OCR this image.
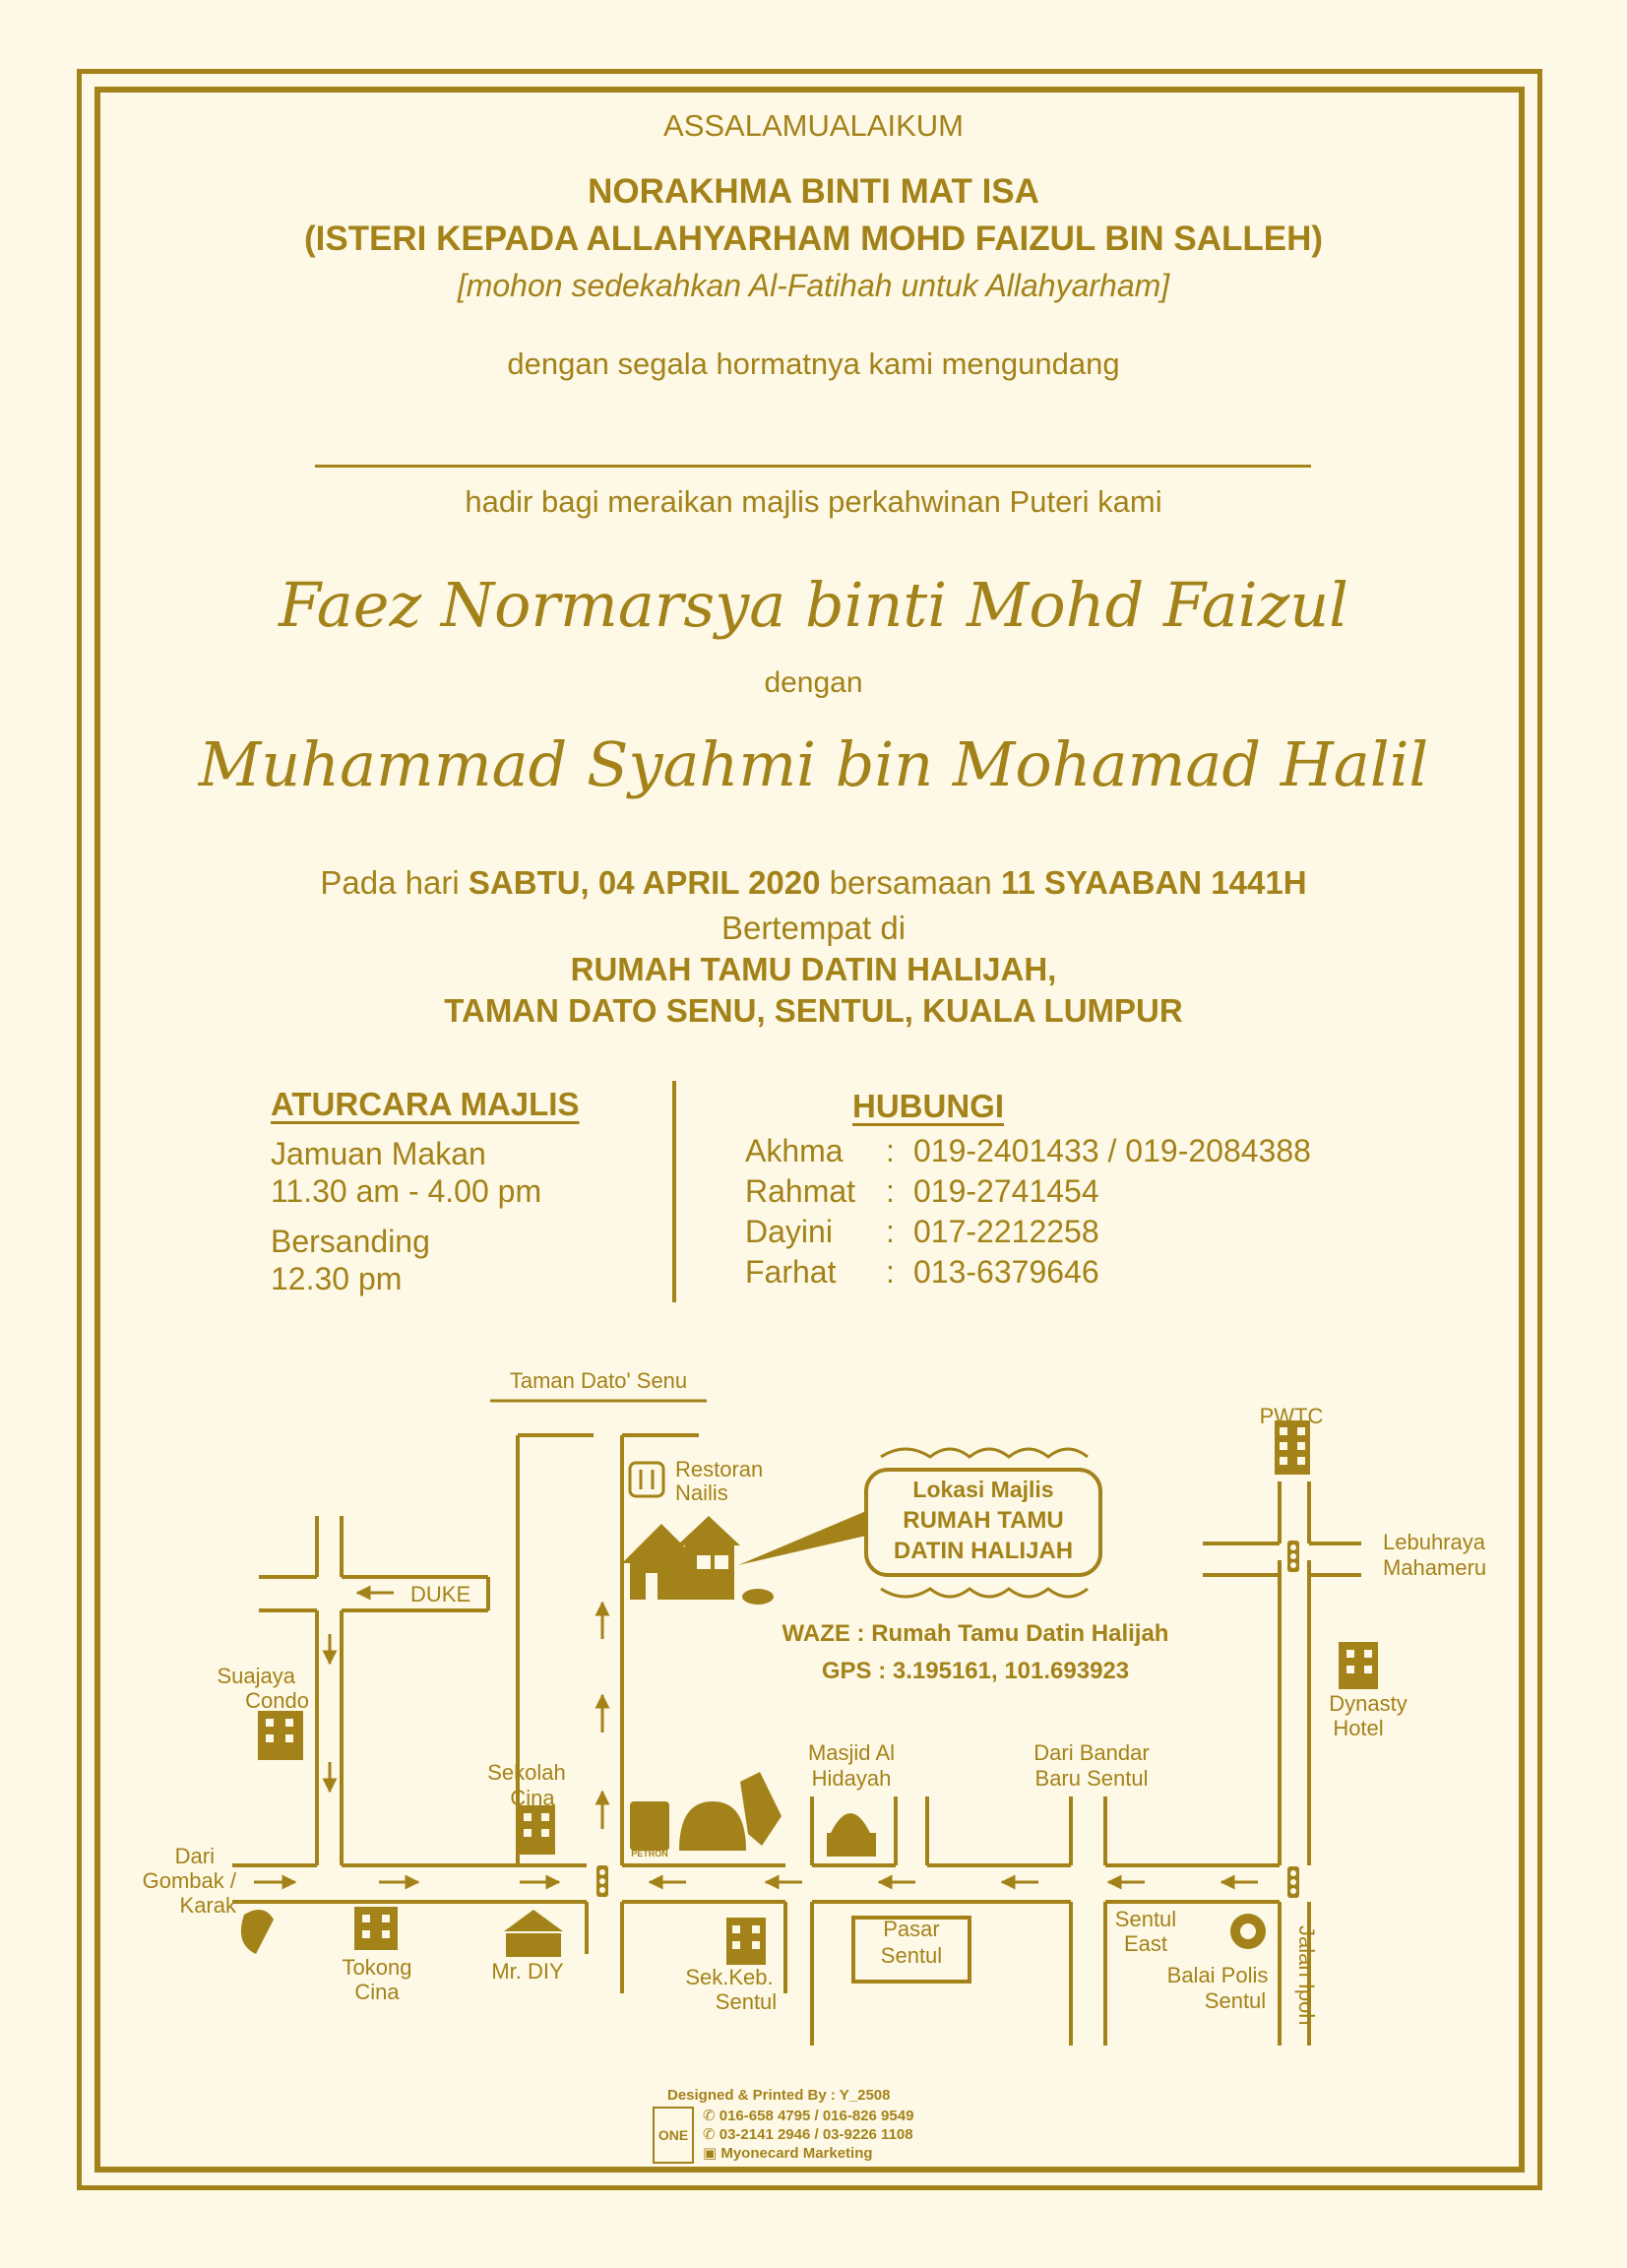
ASSALAMUALAIKUM
NORAKHMA BINTI MAT ISA
(ISTERI KEPADA ALLAHYARHAM MOHD FAIZUL BIN SALLEH)
[mohon sedekahkan Al-Fatihah untuk Allahyarham]
dengan segala hormatnya kami mengundang
hadir bagi meraikan majlis perkahwinan Puteri kami
Faez Normarsya binti Mohd Faizul
dengan
Muhammad Syahmi bin Mohamad Halil
Pada hari SABTU, 04 APRIL 2020 bersamaan 11 SYAABAN 1441H
Bertempat di
RUMAH TAMU DATIN HALIJAH,
TAMAN DATO SENU, SENTUL, KUALA LUMPUR
ATURCARA MAJLIS
Jamuan Makan
11.30 am - 4.00 pm
Bersanding
12.30 pm
HUBUNGI
Akhma : 019-2401433 / 019-2084388
Rahmat : 019-2741454
Dayini : 017-2212258
Farhat : 013-6379646
Taman Dato' Senu
Restoran
Nailis	Lokasi Majlis
RUMAH TAMU
DATIN HALIJAH
WAZE : Rumah Tamu Datin Halijah
GPS : 3.195161, 101.693923
PWTC
Lebuhraya
Mahameru
DUKE
Suajaya
Condo	Dynasty
Hotel
Sekolah
Cina
Masjid Al
Hidayah
Dari Bandar
Baru Sentul
Dari
Gombak /
Karak
Tokong
Cina
Mr. DIY	Sek.Keb.
Sentul
Pasar
Sentul
Sentul
East
Balai Polis
Sentul Jalan Ipoh
PETRON
Designed & Printed By : Y_2508
ONE
✆ 016-658 4795 / 016-826 9549
✆ 03-2141 2946 / 03-9226 1108
▣ Myonecard Marketing
